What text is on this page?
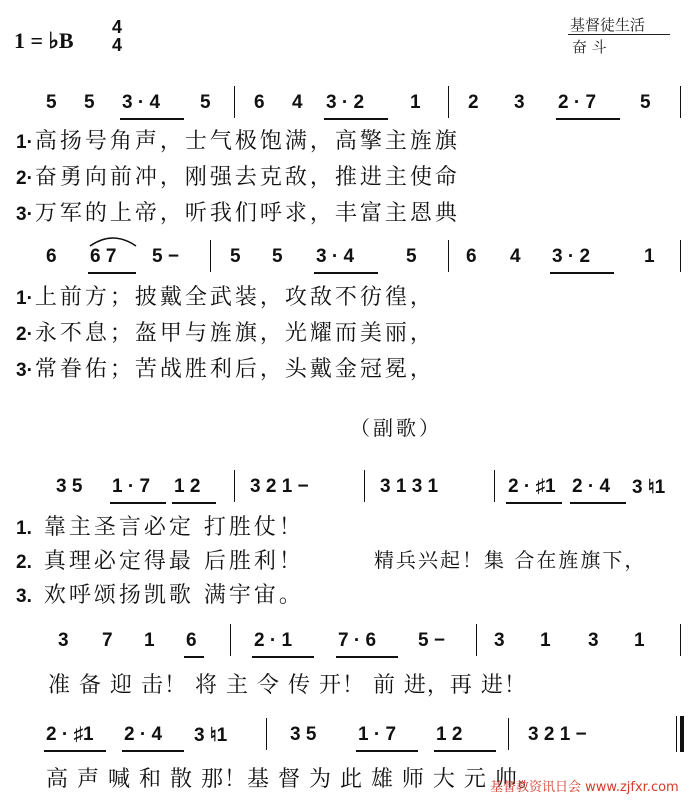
1 = ♭B
4
4
基督徒生活
奋 斗
5 5 3 · 4 5 6 4 3 · 2 1 2 3 2 · 7 5
1·高扬号角声，士气极饱满，高擎主旌旗
2·奋勇向前冲，刚强去克敌，推进主使命
3·万军的上帝，听我们呼求，丰富主恩典
6 6 7 5 −	5 5 3 · 4	5	6 4 3 · 2	1
1·上前方；披戴全武装，攻敌不彷徨，
2·永不息；盔甲与旌旗，光耀而美丽，
3·常眷佑；苦战胜利后，头戴金冠冕，
（副歌）
3 5 1 · 7 1 2	3 2 1 −	3 1 3 1	2 · ♯1 2 · 4 3 ♮1
1. 靠主圣言必定 打胜仗！
2. 真理必定得最 后胜利！
3. 欢呼颂扬凯歌 满宇宙。
精兵兴起！集 合在旌旗下，
3 7 1 6	2 · 1 7 · 6 5 −	3 1 3 1
准 备 迎 击！ 将 主 令 传 开！ 前 进，再 进！
2 · ♯1 2 · 4 3 ♮1	3 5 1 · 7 1 2	3 2 1 −
高 声 喊 和 散 那！基 督 为 此 雄 师 大 元 帅。
基督教资讯日会 www.zjfxr.com
